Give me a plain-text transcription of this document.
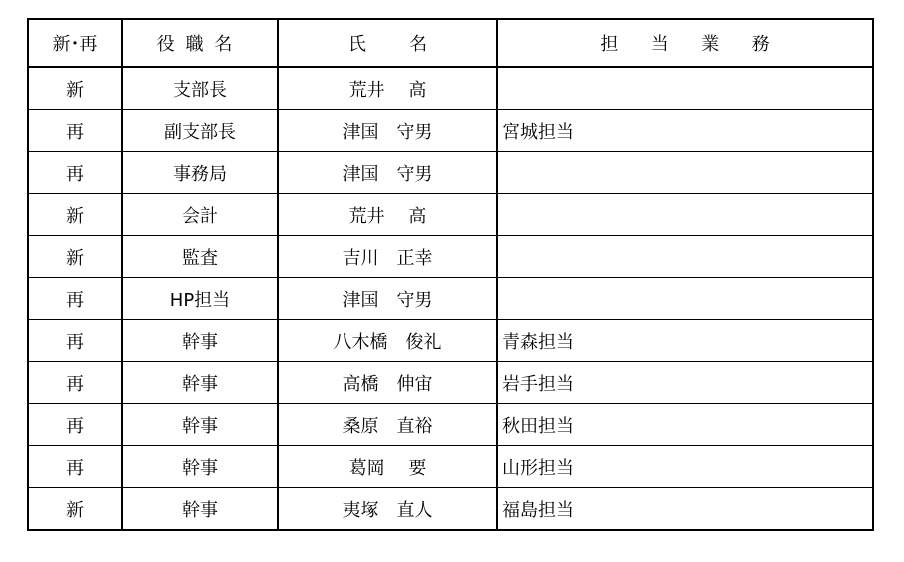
新･再	役職名	氏名	担当業務
新	支部長	荒井　 高	
再	副支部長	津国　守男	宮城担当
再	事務局	津国　守男	
新	会計	荒井　 高	
新	監査	吉川　正幸	
再	HP担当	津国　守男	
再	幹事	八木橋　俊礼	青森担当
再	幹事	高橋　伸宙	岩手担当
再	幹事	桑原　直裕	秋田担当
再	幹事	葛岡　 要	山形担当
新	幹事	夷塚　直人	福島担当
